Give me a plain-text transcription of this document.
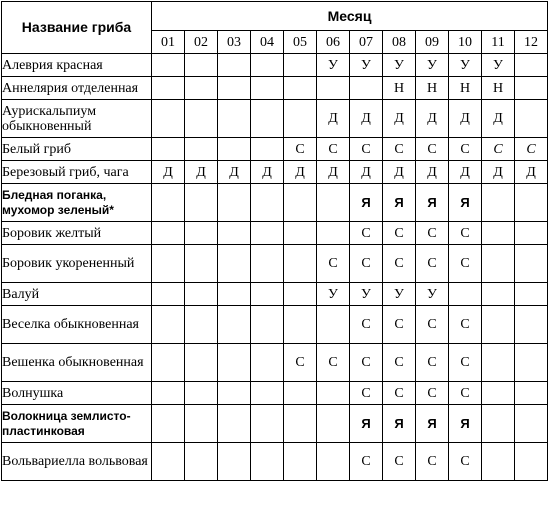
Название гриба	Месяц											
	01	02	03	04	05	06	07	08	09	10	11	12
Алеврия красная						У	У	У	У	У	У	
Аннелярия отделенная								Н	Н	Н	Н	
Аурискальпиум обыкновенный						Д	Д	Д	Д	Д	Д	
Белый гриб					С	С	С	С	С	С	С	С
Березовый гриб, чага	Д	Д	Д	Д	Д	Д	Д	Д	Д	Д	Д	Д
Бледная поганка, мухомор зеленый*							Я	Я	Я	Я		
Боровик желтый							С	С	С	С		
Боровик укорененный						С	С	С	С	С		
Валуй						У	У	У	У			
Веселка обыкновенная							С	С	С	С		
Вешенка обыкновенная					С	С	С	С	С	С		
Волнушка							С	С	С	С		
Волокница землисто-пластинковая							Я	Я	Я	Я		
Вольвариелла вольвовая							С	С	С	С		
